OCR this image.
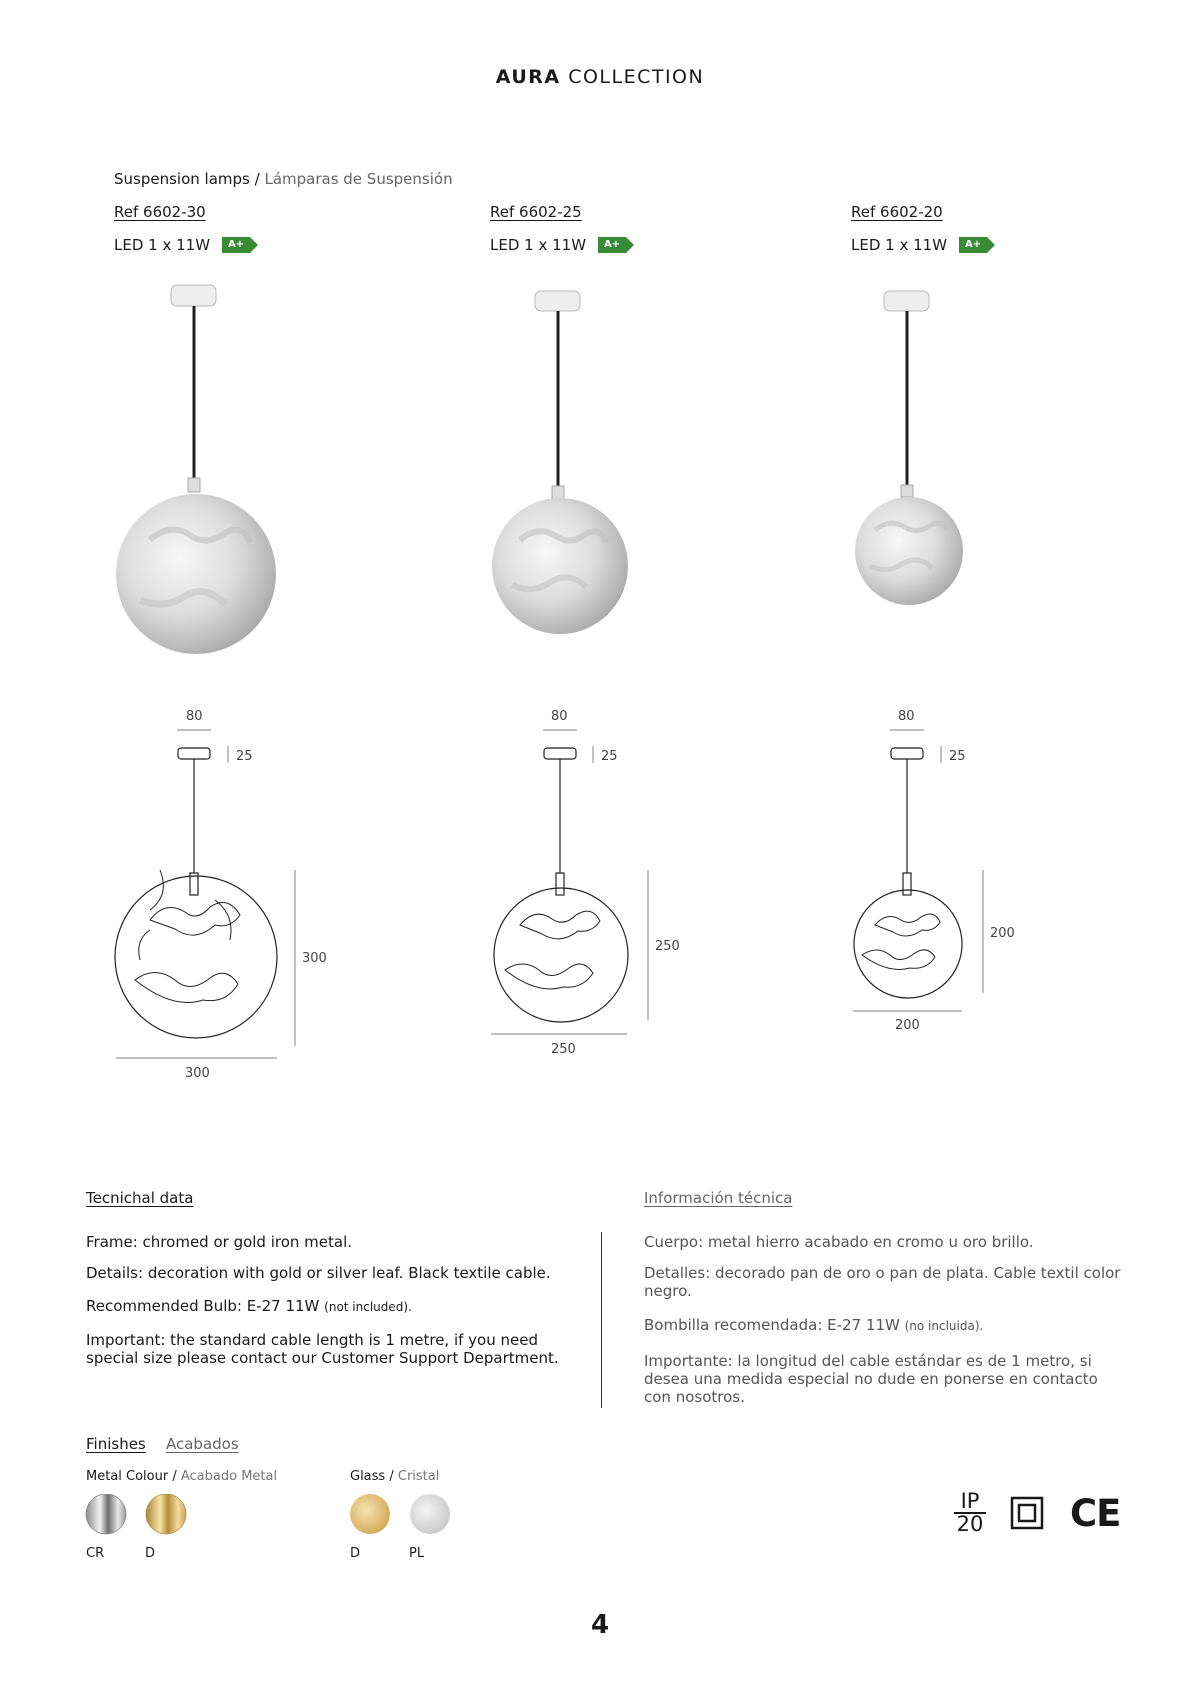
AURA COLLECTION
Suspension lamps / Lámparas de Suspensión
Ref 6602-30
LED 1 x 11W	A+
Ref 6602-25
LED 1 x 11W	A+
Ref 6602-20
LED 1 x 11W	A+
80
25
300
300
80
25
250
250
80
25
200
200
Tecnichal data
Frame: chromed or gold iron metal.
Details: decoration with gold or silver leaf. Black textile cable.
Recommended Bulb: E-27 11W (not included).
Important: the standard cable length is 1 metre, if you need special size please contact our Customer Support Department.
Información técnica
Cuerpo: metal hierro acabado en cromo u oro brillo.
Detalles: decorado pan de oro o pan de plata. Cable textil color negro.
Bombilla recomendada: E-27 11W (no incluida).
Importante: la longitud del cable estándar es de 1 metro, si desea una medida especial no dude en ponerse en contacto con nosotros.
Finishes Acabados
Metal Colour / Acabado Metal	Glass / Cristal
CR	D	D	PL
IP
20 CE
4
